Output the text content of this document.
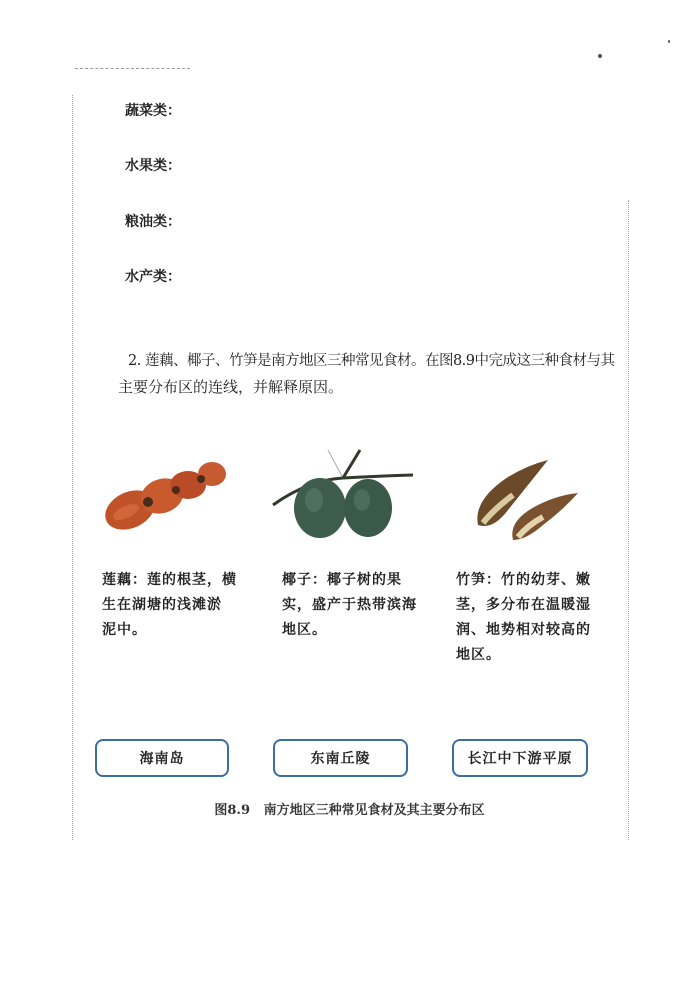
蔬菜类：
水果类：
粮油类：
水产类：
2. 莲藕、椰子、竹笋是南方地区三种常见食材。在图8.9中完成这三种食材与其
主要分布区的连线，并解释原因。
莲藕：莲的根茎，横
生在湖塘的浅滩淤
泥中。
椰子：椰子树的果
实，盛产于热带滨海
地区。
竹笋：竹的幼芽、嫩
茎，多分布在温暖湿
润、地势相对较高的
地区。
海南岛	东南丘陵	长江中下游平原
图8.9   南方地区三种常见食材及其主要分布区
